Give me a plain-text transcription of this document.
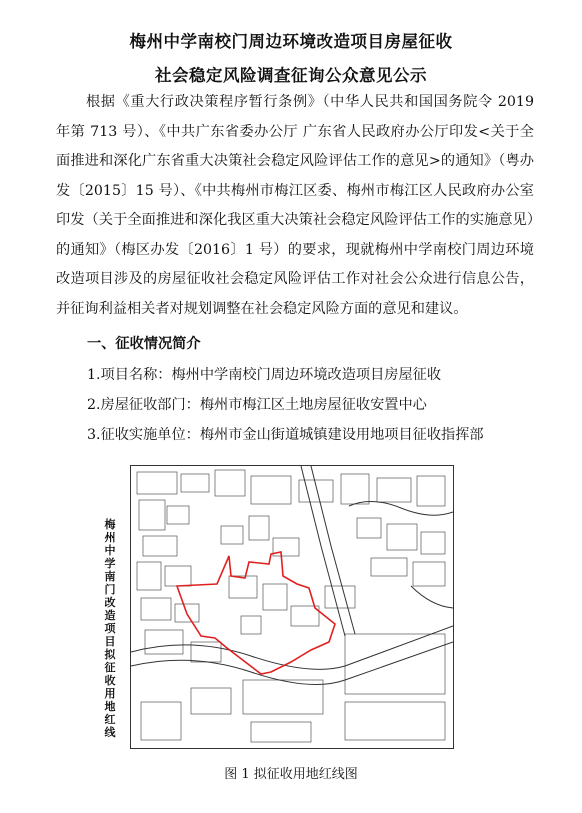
梅州中学南校门周边环境改造项目房屋征收
社会稳定风险调查征询公众意见公示
根据《重大行政决策程序暂行条例》（中华人民共和国国务院令 2019 年第 713 号）、《中共广东省委办公厅 广东省人民政府办公厅印发<关于全面推进和深化广东省重大决策社会稳定风险评估工作的意见>的通知》（粤办发〔2015〕15 号）、《中共梅州市梅江区委、梅州市梅江区人民政府办公室印发（关于全面推进和深化我区重大决策社会稳定风险评估工作的实施意见）的通知》（梅区办发〔2016〕1 号）的要求，现就梅州中学南校门周边环境改造项目涉及的房屋征收社会稳定风险评估工作对社会公众进行信息公告，并征询利益相关者对规划调整在社会稳定风险方面的意见和建议。
一、征收情况简介
1.项目名称：梅州中学南校门周边环境改造项目房屋征收
2.房屋征收部门：梅州市梅江区土地房屋征收安置中心
3.征收实施单位：梅州市金山街道城镇建设用地项目征收指挥部
梅州中学南门改造项目拟征收用地红线
图 1 拟征收用地红线图
